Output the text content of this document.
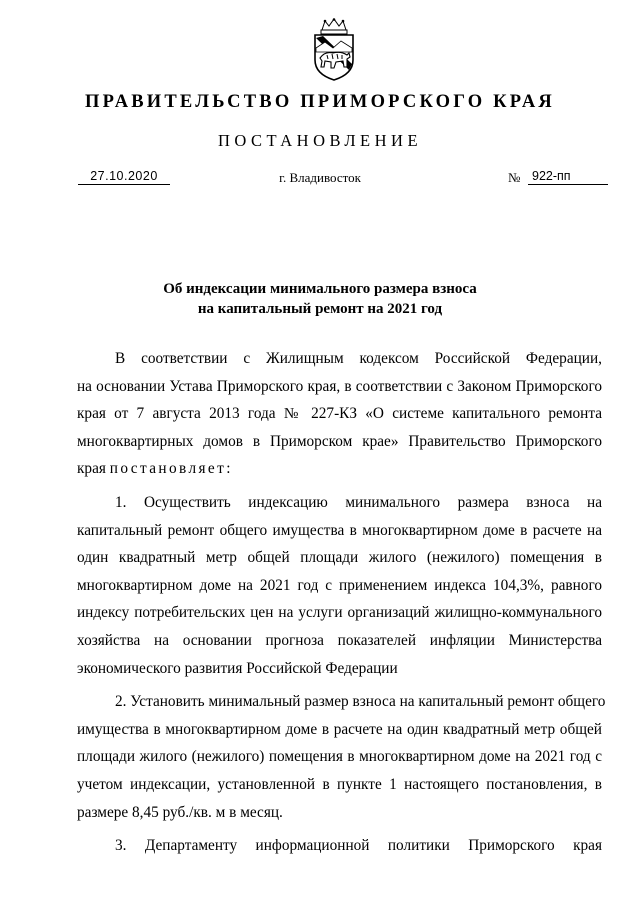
ПРАВИТЕЛЬСТВО ПРИМОРСКОГО КРАЯ
ПОСТАНОВЛЕНИЕ
27.10.2020	г. Владивосток	№ 922-пп
Об индексации минимального размера взноса
на капитальный ремонт на 2021 год
В соответствии с Жилищным кодексом Российской Федерации,
на основании Устава Приморского края, в соответствии с Законом Приморского
края от 7 августа 2013 года № 227-КЗ «О системе капитального ремонта
многоквартирных домов в Приморском крае» Правительство Приморского
края постановляет:
1. Осуществить индексацию минимального размера взноса на
капитальный ремонт общего имущества в многоквартирном доме в расчете на
один квадратный метр общей площади жилого (нежилого) помещения в
многоквартирном доме на 2021 год с применением индекса 104,3%, равного
индексу потребительских цен на услуги организаций жилищно-коммунального
хозяйства на основании прогноза показателей инфляции Министерства
экономического развития Российской Федерации
2. Установить минимальный размер взноса на капитальный ремонт общего
имущества в многоквартирном доме в расчете на один квадратный метр общей
площади жилого (нежилого) помещения в многоквартирном доме на 2021 год с
учетом индексации, установленной в пункте 1 настоящего постановления, в
размере 8,45 руб./кв. м в месяц.
3. Департаменту информационной политики Приморского края
